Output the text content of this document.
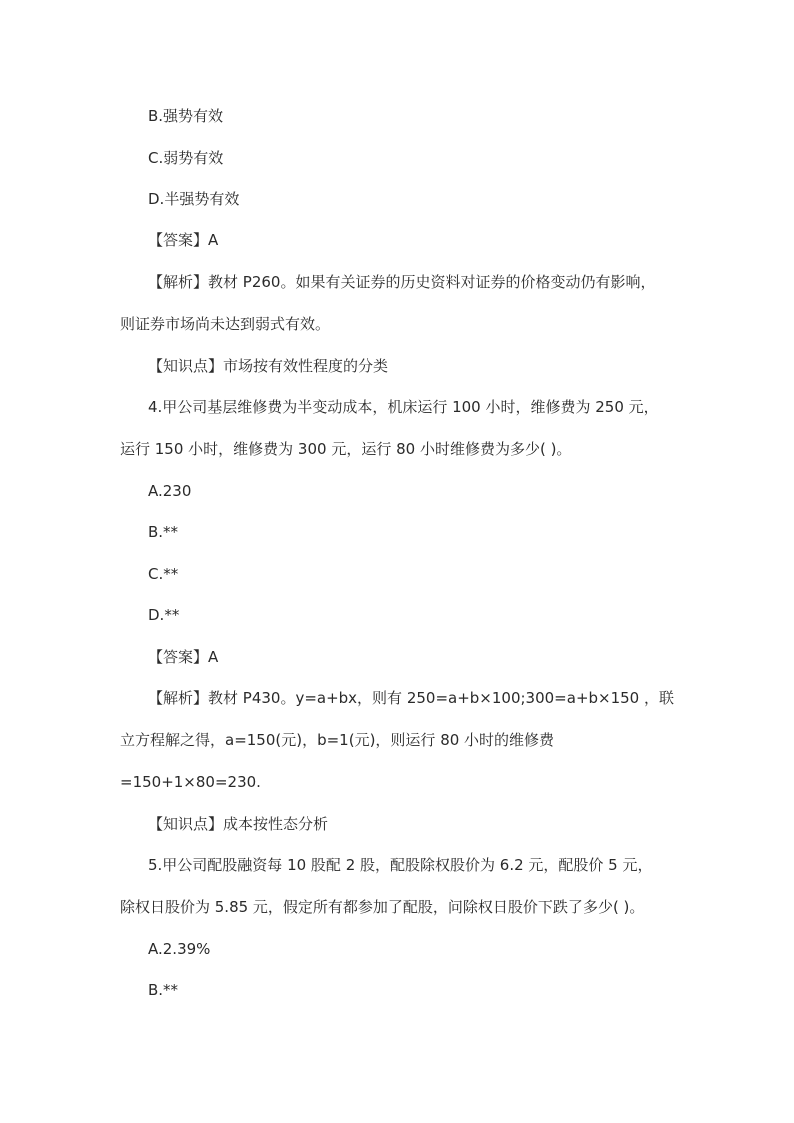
B.强势有效

C.弱势有效

D.半强势有效

【答案】A

【解析】教材 P260。如果有关证券的历史资料对证券的价格变动仍有影响，

则证券市场尚未达到弱式有效。

【知识点】市场按有效性程度的分类

4.甲公司基层维修费为半变动成本，机床运行 100 小时，维修费为 250 元，

运行 150 小时，维修费为 300 元，运行 80 小时维修费为多少( )。

A.230

B.**

C.**

D.**

【答案】A

【解析】教材 P430。y=a+bx，则有 250=a+b×100;300=a+b×150 ，联

立方程解之得，a=150(元)，b=1(元)，则运行 80 小时的维修费

=150+1×80=230.

【知识点】成本按性态分析

5.甲公司配股融资每 10 股配 2 股，配股除权股价为 6.2 元，配股价 5 元，

除权日股价为 5.85 元，假定所有都参加了配股，问除权日股价下跌了多少( )。

A.2.39%

B.**
